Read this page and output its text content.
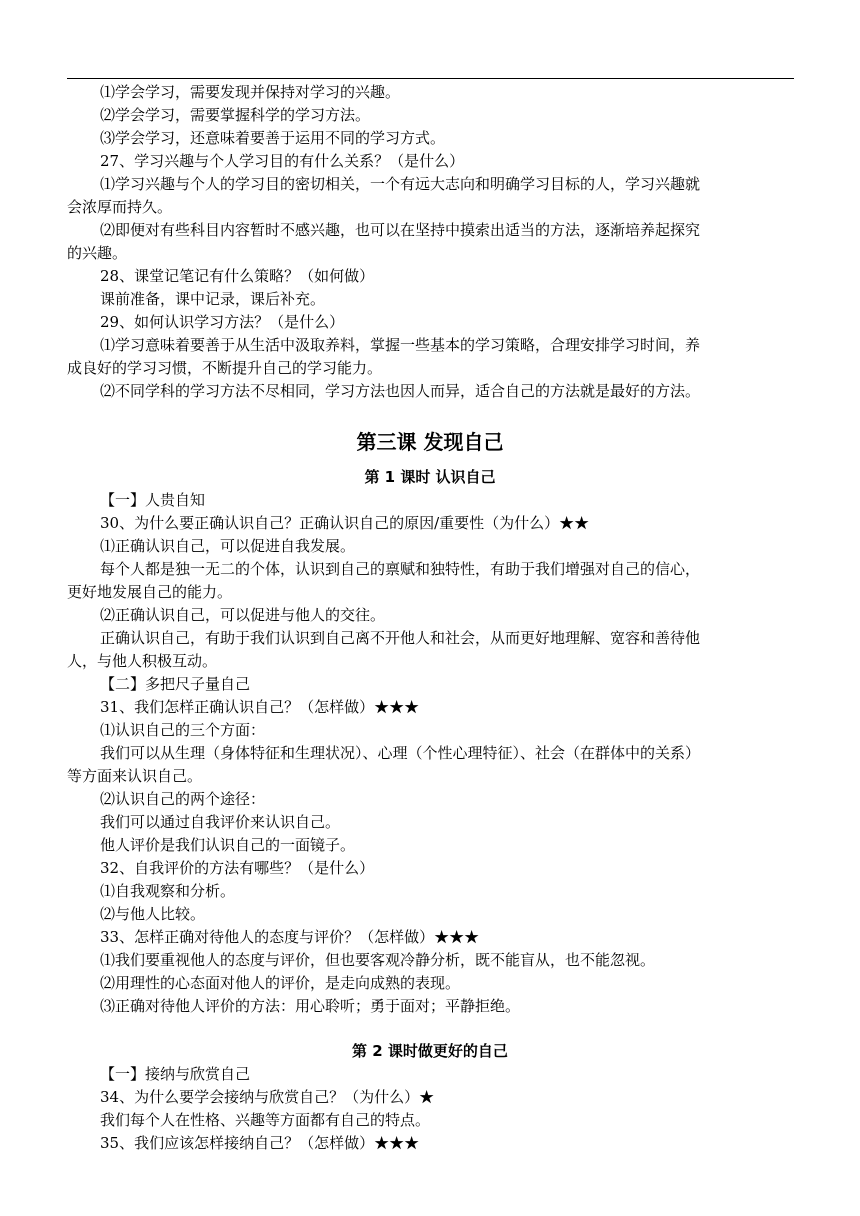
⑴学会学习，需要发现并保持对学习的兴趣。
⑵学会学习，需要掌握科学的学习方法。
⑶学会学习，还意味着要善于运用不同的学习方式。
27、学习兴趣与个人学习目的有什么关系？（是什么）
⑴学习兴趣与个人的学习目的密切相关，一个有远大志向和明确学习目标的人，学习兴趣就
会浓厚而持久。
⑵即便对有些科目内容暂时不感兴趣，也可以在坚持中摸索出适当的方法，逐渐培养起探究
的兴趣。
28、课堂记笔记有什么策略？（如何做）
课前准备，课中记录，课后补充。
29、如何认识学习方法？（是什么）
⑴学习意味着要善于从生活中汲取养料，掌握一些基本的学习策略，合理安排学习时间，养
成良好的学习习惯，不断提升自己的学习能力。
⑵不同学科的学习方法不尽相同，学习方法也因人而异，适合自己的方法就是最好的方法。
第三课 发现自己
第 1 课时 认识自己
【一】人贵自知
30、为什么要正确认识自己？正确认识自己的原因/重要性（为什么）★★
⑴正确认识自己，可以促进自我发展。
每个人都是独一无二的个体，认识到自己的禀赋和独特性，有助于我们增强对自己的信心，
更好地发展自己的能力。
⑵正确认识自己，可以促进与他人的交往。
正确认识自己，有助于我们认识到自己离不开他人和社会，从而更好地理解、宽容和善待他
人，与他人积极互动。
【二】多把尺子量自己
31、我们怎样正确认识自己？（怎样做）★★★
⑴认识自己的三个方面：
我们可以从生理（身体特征和生理状况）、心理（个性心理特征）、社会（在群体中的关系）
等方面来认识自己。
⑵认识自己的两个途径：
我们可以通过自我评价来认识自己。
他人评价是我们认识自己的一面镜子。
32、自我评价的方法有哪些？（是什么）
⑴自我观察和分析。
⑵与他人比较。
33、怎样正确对待他人的态度与评价？（怎样做）★★★
⑴我们要重视他人的态度与评价，但也要客观冷静分析，既不能盲从，也不能忽视。
⑵用理性的心态面对他人的评价，是走向成熟的表现。
⑶正确对待他人评价的方法：用心聆听；勇于面对；平静拒绝。
第 2 课时做更好的自己
【一】接纳与欣赏自己
34、为什么要学会接纳与欣赏自己？（为什么）★
我们每个人在性格、兴趣等方面都有自己的特点。
35、我们应该怎样接纳自己？（怎样做）★★★
